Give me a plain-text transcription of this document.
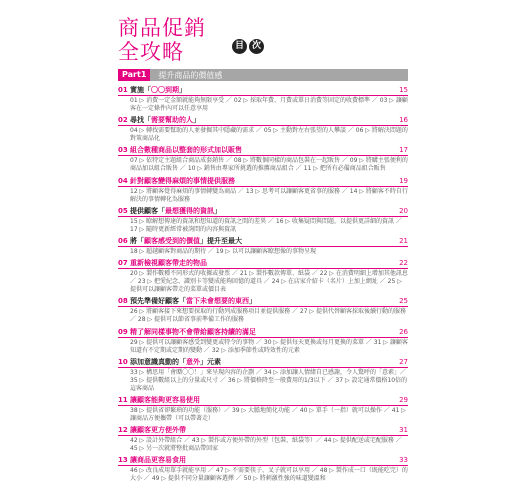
商品促銷
全攻略	目 次
Part1	提升商品的價值感
01 實施「〇〇到期」	15
01 ▷ 消費一定金額就能夠無限享受 ／ 02 ▷ 採取年費、月費或單日消費等固定的收費標準 ／ 03 ▷ 讓顧客在一定條件內可以任意享用
02 尋找「需要幫助的人」	16
04 ▷ 轉找需要幫助的人並發掘其中隱藏的需求 ／ 05 ▷ 主動對左右張望的人攀談 ／ 06 ▷ 將解決問題的對策商品化
03 組合數種商品以整套的形式加以販售	17
07 ▷ 依特定主題組合商品成套銷售 ／ 08 ▷ 將數個同樣的商品包裝在一起販售 ／ 09 ▷ 將購主張便利的商品加以組合販售 ／ 10 ▷ 銷售由專家所挑選的推薦商品組合 ／ 11 ▷ 把所有必備商品組合販售
04 針對顧客變得麻煩的事情提供服務	19
12 ▷ 將顧客覺得麻煩的事情轉變為商品 ／ 13 ▷ 思考可以讓顧客更省事的服務 ／ 14 ▷ 將顧客不時自行解決的事情轉化為服務
05 提供顧客「最想獲得的資訊」	20
15 ▷ 瞭解想傳達的資訊和想知道的資訊之間的差異 ／ 16 ▷ 收集疑問與問題，以提供更詳細的資訊 ／ 17 ▷ 隨時更新經常被詢問的內容與資訊
06 將「顧客感受到的價值」提升至最大	21
18 ▷ 超越顧客對商品的期待 ／ 19 ▷ 以可以讓顧客瞭想像的事物呈現
07 重新檢視顧客帶走的物品	22
20 ▷ 製作數種不同形式的收據或發票 ／ 21 ▷ 製作數款傳單、紙袋 ／ 22 ▷ 在消費明細上增加其他訊息 ／ 23 ▷ 把愛紀念、識別卡等變成能夠回憶的道具 ／ 24 ▷ 在店家介紹卡（名片）上加上網址 ／ 25 ▷ 提供可以讓顧客帶走的菜單或價目表
08 預先準備好顧客「當下未會想要的東西」	25
26 ▷ 將顧客接下來想要採取的行動列成服務項目並提供服務 ／ 27 ▷ 提供代替顧客採取後續行動的服務 ／ 28 ▷ 提供可以節省事前準備工作的服務
09 精了解同樣事物不會帶給顧客持續的滿足	26
29 ▷ 提供可以讓顧客感受到變更或特令的事物 ／ 30 ▷ 提供每天更換或每月更換的菜單 ／ 31 ▷ 讓顧客知道有不定期或定期的變動 ／ 32 ▷ 添加季節性或時效性的元素
10 添加意識真動的「意外」元素	27
33 ▷ 構思用「會贈〇〇！」來呈現內容的企劃 ／ 34 ▷ 添加讓人情緒自已感謝，令人驚呼的「意素」／ 35 ▷ 提供數組以上的分量或尺寸 ／ 36 ▷ 將價格降至一般費用的1/3以下 ／ 37 ▷ 設定通常價格10倍的這客商品
11 讓顧客能夠更容易使用	29
38 ▷ 提供省卻繁瑣的功能（服務）／ 39 ▷ 大膽地簡化功能 ／ 40 ▷ 單手（一指）就可以操作 ／ 41 ▷ 讓商品方便攜帶（可以帶著走）
12 讓顧客更方便外帶	31
42 ▷ 設計外帶組合 ／ 43 ▷ 製作或方便外帶的外型（包裝、紙袋等）／ 44 ▷ 提供配送或宅配服務 ／ 45 ▷ 另一次就將整批商品帶回家
13 讓商品更容易食用	33
46 ▷ 改良成用單手就能享用 ／ 47 ▷ 不需要筷子、叉子就可以享用 ／ 48 ▷ 製作成一口（既能吃完）的大小 ／ 49 ▷ 提供不同分量讓顧客選擇 ／ 50 ▷ 將刺激性強的味道變溫和
